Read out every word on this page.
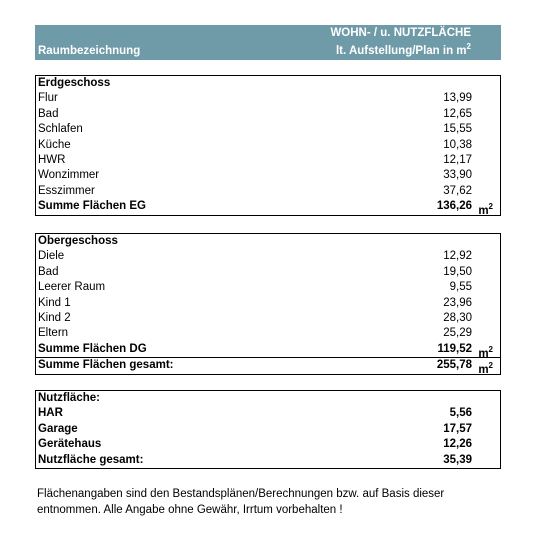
Raumbezeichnung
WOHN- / u. NUTZFLÄCHE
lt. Aufstellung/Plan in $m^2$
Erdgeschoss
Flur	13,99
Bad	12,65
Schlafen	15,55
Küche	10,38
HWR	12,17
Wonzimmer	33,90
Esszimmer	37,62
Summe Flächen EG	136,26 $m^2$
Obergeschoss
Diele	12,92
Bad	19,50
Leerer Raum	9,55
Kind 1	23,96
Kind 2	28,30
Eltern	25,29
Summe Flächen DG	119,52 $m^2$
Summe Flächen gesamt:	255,78 $m^2$
Nutzfläche:
HAR	5,56
Garage	17,57
Gerätehaus	12,26
Nutzfläche gesamt:	35,39
Flächenangaben sind den Bestandsplänen/Berechnungen bzw. auf Basis dieser
entnommen. Alle Angabe ohne Gewähr, Irrtum vorbehalten !
